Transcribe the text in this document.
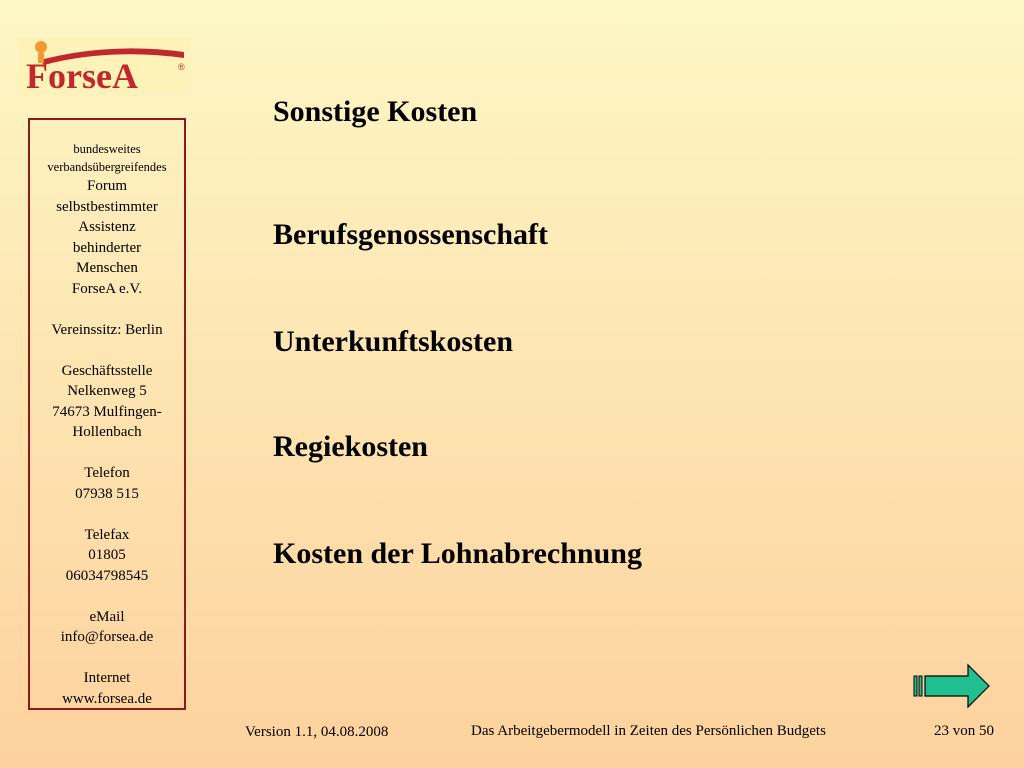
ForseA	®
bundesweites
verbandsübergreifendes
Forum
selbstbestimmter
Assistenz
behinderter
Menschen
ForseA e.V.
Vereinssitz: Berlin
Geschäftsstelle
Nelkenweg 5
74673 Mulfingen-
Hollenbach
Telefon
07938 515
Telefax
01805
06034798545
eMail
info@forsea.de
Internet
www.forsea.de
Sonstige Kosten
Berufsgenossenschaft
Unterkunftskosten
Regiekosten
Kosten der Lohnabrechnung
Version 1.1, 04.08.2008	Das Arbeitgebermodell in Zeiten des Persönlichen Budgets	23 von 50
